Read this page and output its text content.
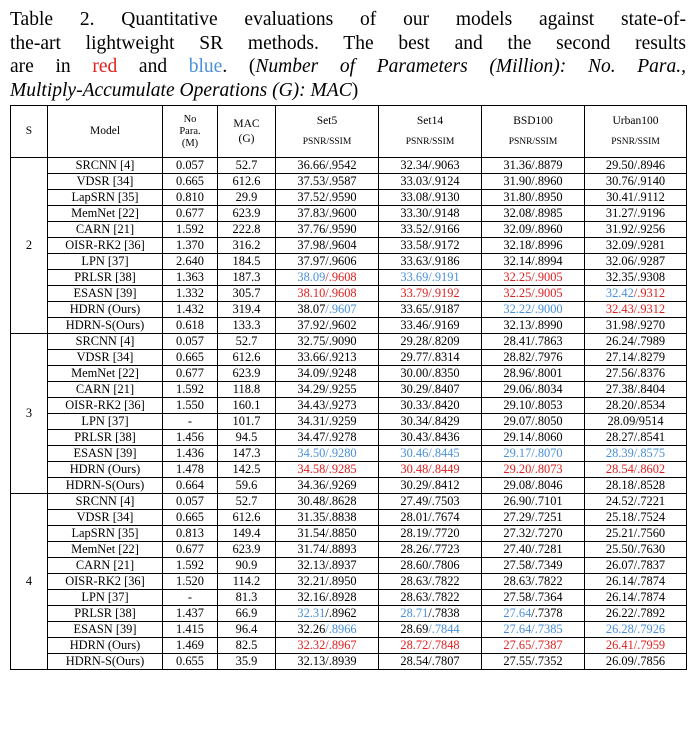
Table 2. Quantitative evaluations of our models against state-of-
the-art lightweight SR methods. The best and the second results
are in red and blue. (Number of Parameters (Million): No. Para.,
Multiply-Accumulate Operations (G): MAC)
S	Model	No
Para.
(M)	MAC
(G)	Set5
PSNR/SSIM	Set14
PSNR/SSIM	BSD100
PSNR/SSIM	Urban100
PSNR/SSIM

2	SRCNN [4]	0.057	52.7	36.66/.9542	32.34/.9063	31.36/.8879	29.50/.8946
	VDSR [34]	0.665	612.6	37.53/.9587	33.03/.9124	31.90/.8960	30.76/.9140
	LapSRN [35]	0.810	29.9	37.52/.9590	33.08/.9130	31.80/.8950	30.41/.9112
	MemNet [22]	0.677	623.9	37.83/.9600	33.30/.9148	32.08/.8985	31.27/.9196
	CARN [21]	1.592	222.8	37.76/.9590	33.52/.9166	32.09/.8960	31.92/.9256
	OISR-RK2 [36]	1.370	316.2	37.98/.9604	33.58/.9172	32.18/.8996	32.09/.9281
	LPN [37]	2.640	184.5	37.97/.9606	33.63/.9186	32.14/.8994	32.06/.9287
	PRLSR [38]	1.363	187.3	38.09/.9608	33.69/.9191	32.25/.9005	32.35/.9308
	ESASN [39]	1.332	305.7	38.10/.9608	33.79/.9192	32.25/.9005	32.42/.9312
	HDRN (Ours)	1.432	319.4	38.07/.9607	33.65/.9187	32.22/.9000	32.43/.9312
	HDRN-S(Ours)	0.618	133.3	37.92/.9602	33.46/.9169	32.13/.8990	31.98/.9270
3	SRCNN [4]	0.057	52.7	32.75/.9090	29.28/.8209	28.41/.7863	26.24/.7989
	VDSR [34]	0.665	612.6	33.66/.9213	29.77/.8314	28.82/.7976	27.14/.8279
	MemNet [22]	0.677	623.9	34.09/.9248	30.00/.8350	28.96/.8001	27.56/.8376
	CARN [21]	1.592	118.8	34.29/.9255	30.29/.8407	29.06/.8034	27.38/.8404
	OISR-RK2 [36]	1.550	160.1	34.43/.9273	30.33/.8420	29.10/.8053	28.20/.8534
	LPN [37]	-	101.7	34.31/.9259	30.34/.8429	29.07/.8050	28.09/9514
	PRLSR [38]	1.456	94.5	34.47/.9278	30.43/.8436	29.14/.8060	28.27/.8541
	ESASN [39]	1.436	147.3	34.50/.9280	30.46/.8445	29.17/.8070	28.39/.8575
	HDRN (Ours)	1.478	142.5	34.58/.9285	30.48/.8449	29.20/.8073	28.54/.8602
	HDRN-S(Ours)	0.664	59.6	34.36/.9269	30.29/.8412	29.08/.8046	28.18/.8528
4	SRCNN [4]	0.057	52.7	30.48/.8628	27.49/.7503	26.90/.7101	24.52/.7221
	VDSR [34]	0.665	612.6	31.35/.8838	28.01/.7674	27.29/.7251	25.18/.7524
	LapSRN [35]	0.813	149.4	31.54/.8850	28.19/.7720	27.32/.7270	25.21/.7560
	MemNet [22]	0.677	623.9	31.74/.8893	28.26/.7723	27.40/.7281	25.50/.7630
	CARN [21]	1.592	90.9	32.13/.8937	28.60/.7806	27.58/.7349	26.07/.7837
	OISR-RK2 [36]	1.520	114.2	32.21/.8950	28.63/.7822	28.63/.7822	26.14/.7874
	LPN [37]	-	81.3	32.16/.8928	28.63/.7822	27.58/.7364	26.14/.7874
	PRLSR [38]	1.437	66.9	32.31/.8962	28.71/.7838	27.64/.7378	26.22/.7892
	ESASN [39]	1.415	96.4	32.26/.8966	28.69/.7844	27.64/.7385	26.28/.7926
	HDRN (Ours)	1.469	82.5	32.32/.8967	28.72/.7848	27.65/.7387	26.41/.7959
	HDRN-S(Ours)	0.655	35.9	32.13/.8939	28.54/.7807	27.55/.7352	26.09/.7856
